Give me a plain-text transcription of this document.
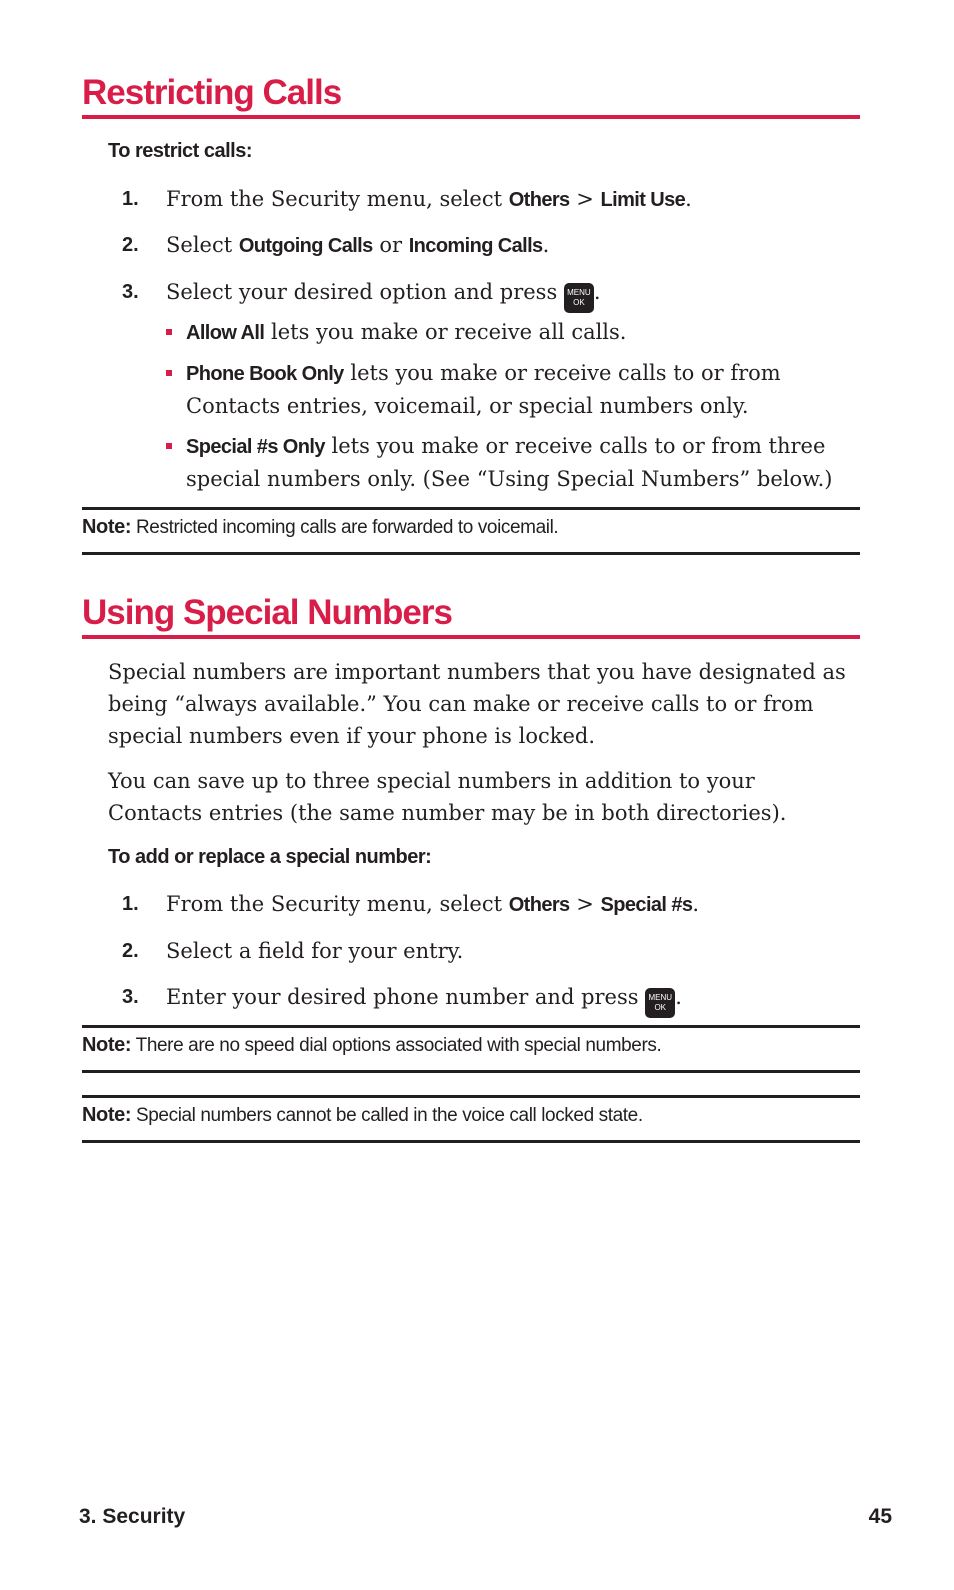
Restricting Calls
To restrict calls:
1. From the Security menu, select Others > Limit Use.
2. Select Outgoing Calls or Incoming Calls.
3. Select your desired option and press MENU
OK .
Allow All lets you make or receive all calls.
Phone Book Only lets you make or receive calls to or from
Contacts entries, voicemail, or special numbers only.
Special #s Only lets you make or receive calls to or from three
special numbers only. (See “Using Special Numbers” below.)
Note: Restricted incoming calls are forwarded to voicemail.
Using Special Numbers
Special numbers are important numbers that you have designated as
being “always available.” You can make or receive calls to or from
special numbers even if your phone is locked.
You can save up to three special numbers in addition to your
Contacts entries (the same number may be in both directories).
To add or replace a special number:
1. From the Security menu, select Others > Special #s.
2. Select a field for your entry.
3. Enter your desired phone number and press MENU
OK .
Note: There are no speed dial options associated with special numbers.
Note: Special numbers cannot be called in the voice call locked state.
3. Security	45
